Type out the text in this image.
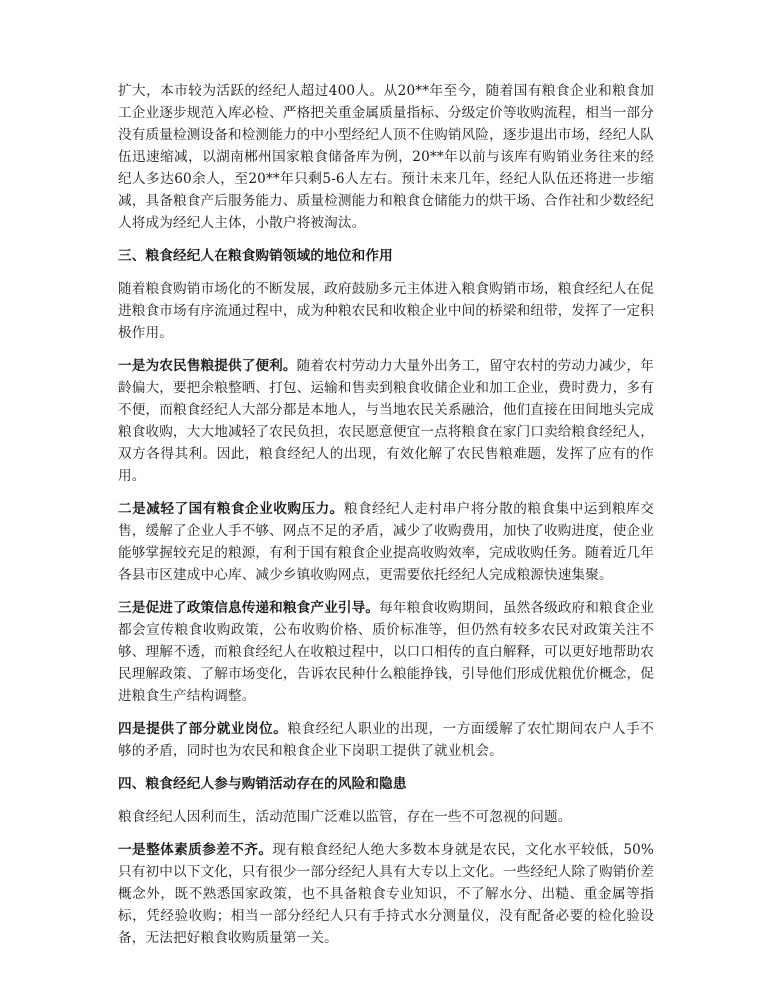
扩大，本市较为活跃的经纪人超过400人。从20**年至今，随着国有粮食企业和粮食加工企业逐步规范入库必检、严格把关重金属质量指标、分级定价等收购流程，相当一部分没有质量检测设备和检测能力的中小型经纪人顶不住购销风险，逐步退出市场，经纪人队伍迅速缩减，以湖南郴州国家粮食储备库为例，20**年以前与该库有购销业务往来的经纪人多达60余人，至20**年只剩5-6人左右。预计未来几年，经纪人队伍还将进一步缩减，具备粮食产后服务能力、质量检测能力和粮食仓储能力的烘干场、合作社和少数经纪人将成为经纪人主体，小散户将被淘汰。

三、粮食经纪人在粮食购销领域的地位和作用

随着粮食购销市场化的不断发展，政府鼓励多元主体进入粮食购销市场，粮食经纪人在促进粮食市场有序流通过程中，成为种粮农民和收粮企业中间的桥梁和纽带，发挥了一定积极作用。

一是为农民售粮提供了便利。随着农村劳动力大量外出务工，留守农村的劳动力减少，年龄偏大，要把余粮整晒、打包、运输和售卖到粮食收储企业和加工企业，费时费力，多有不便，而粮食经纪人大部分都是本地人，与当地农民关系融洽，他们直接在田间地头完成粮食收购，大大地减轻了农民负担，农民愿意便宜一点将粮食在家门口卖给粮食经纪人，双方各得其利。因此，粮食经纪人的出现，有效化解了农民售粮难题，发挥了应有的作用。

二是减轻了国有粮食企业收购压力。粮食经纪人走村串户将分散的粮食集中运到粮库交售，缓解了企业人手不够、网点不足的矛盾，减少了收购费用，加快了收购进度，使企业能够掌握较充足的粮源，有利于国有粮食企业提高收购效率，完成收购任务。随着近几年各县市区建成中心库、减少乡镇收购网点，更需要依托经纪人完成粮源快速集聚。

三是促进了政策信息传递和粮食产业引导。每年粮食收购期间，虽然各级政府和粮食企业都会宣传粮食收购政策，公布收购价格、质价标准等，但仍然有较多农民对政策关注不够、理解不透，而粮食经纪人在收粮过程中，以口口相传的直白解释，可以更好地帮助农民理解政策、了解市场变化，告诉农民种什么粮能挣钱，引导他们形成优粮优价概念，促进粮食生产结构调整。

四是提供了部分就业岗位。粮食经纪人职业的出现，一方面缓解了农忙期间农户人手不够的矛盾，同时也为农民和粮食企业下岗职工提供了就业机会。

四、粮食经纪人参与购销活动存在的风险和隐患

粮食经纪人因利而生，活动范围广泛难以监管，存在一些不可忽视的问题。

一是整体素质参差不齐。现有粮食经纪人绝大多数本身就是农民，文化水平较低，50%只有初中以下文化，只有很少一部分经纪人具有大专以上文化。一些经纪人除了购销价差概念外，既不熟悉国家政策，也不具备粮食专业知识，不了解水分、出糙、重金属等指标，凭经验收购；相当一部分经纪人只有手持式水分测量仪，没有配备必要的检化验设备，无法把好粮食收购质量第一关。
